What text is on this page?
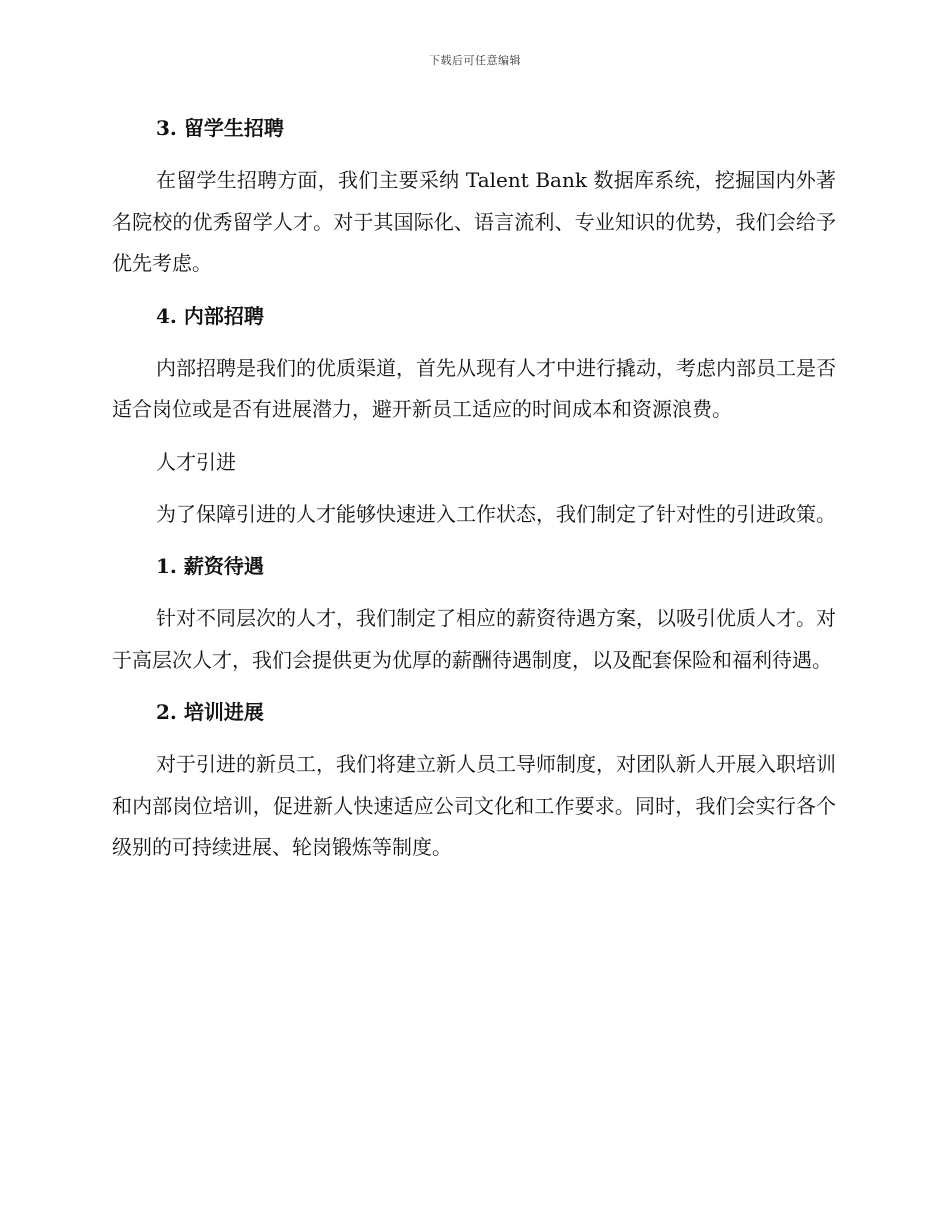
下载后可任意编辑
3. 留学生招聘

在留学生招聘方面，我们主要采纳 Talent Bank 数据库系统，挖掘国内外著名院校的优秀留学人才。对于其国际化、语言流利、专业知识的优势，我们会给予优先考虑。

4. 内部招聘

内部招聘是我们的优质渠道，首先从现有人才中进行撬动，考虑内部员工是否适合岗位或是否有进展潜力，避开新员工适应的时间成本和资源浪费。

人才引进

为了保障引进的人才能够快速进入工作状态，我们制定了针对性的引进政策。

1. 薪资待遇

针对不同层次的人才，我们制定了相应的薪资待遇方案，以吸引优质人才。对于高层次人才，我们会提供更为优厚的薪酬待遇制度，以及配套保险和福利待遇。

2. 培训进展

对于引进的新员工，我们将建立新人员工导师制度，对团队新人开展入职培训和内部岗位培训，促进新人快速适应公司文化和工作要求。同时，我们会实行各个级别的可持续进展、轮岗锻炼等制度。
